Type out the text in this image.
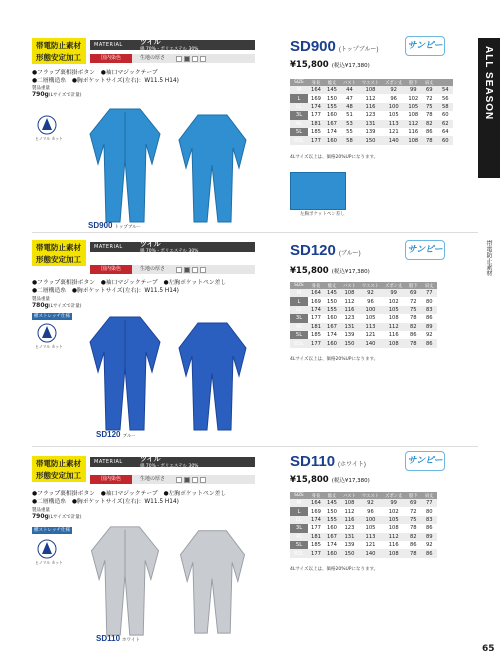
ALL SEASON
帯電防止素材
65
帯電防止素材
形態安定加工
MATERIAL ツイル
綿 70%・ポリエステル 30%
国内染色	生地の厚さ
●フラップ裏相掛ボタン　●袖口マジックテープ
●二層構造糸　●胸ポケットサイズ(左右)：W11.5 H14)
製品重量
790g(Lサイズで計量)
ヒノマル カット
SD900 トップブルー
SD900 (トップブルー)	サンピー
¥15,800 (税込¥17,380)
SIZE	身長	総丈	バスト	ウエスト	ズボン丈	股下	肩丈	
M	164	145	44	108	92	99	69	54
L	169	150	47	112	96	102	72	56
LL	174	155	48	116	100	105	75	58
3L	177	160	51	123	105	108	78	60
4L	181	167	53	131	113	112	82	62
5L	185	174	55	139	121	116	86	64
B3L	177	160	58	150	140	108	78	60
4Lサイズ以上は、価格20%UPになります。
左胸ポケットペン差し
帯電防止素材
形態安定加工
MATERIAL ツイル
綿 70%・ポリエステル 30%
国内染色	生地の厚さ
●フラップ裏相掛ボタン　●袖口マジックテープ　●左胸ポケットペン差し
●二層構造糸　●胸ポケットサイズ(左右)：W11.5 H14)
製品重量
780g(Lサイズで計量)
横ストレッチ仕様
ヒノマル カット
SD120 ブルー
SD120 (ブルー)	サンピー
¥15,800 (税込¥17,380)
SIZE	身長	総丈	バスト	ウエスト	ズボン丈	股下	肩丈
M	164	145	108	92	99	69	77
L	169	150	112	96	102	72	80
LL	174	155	116	100	105	75	83
3L	177	160	123	105	108	78	86
4L	181	167	131	113	112	82	89
5L	185	174	139	121	116	86	92
B3L	177	160	150	140	108	78	86
4Lサイズ以上は、価格20%UPになります。
帯電防止素材
形態安定加工
MATERIAL ツイル
綿 70%・ポリエステル 30%
国内染色	生地の厚さ
●フラップ裏相掛ボタン　●袖口マジックテープ　●左胸ポケットペン差し
●二層構造糸　●胸ポケットサイズ(左右)：W11.5 H14)
製品重量
790g(Lサイズで計量)
横ストレッチ仕様
ヒノマル カット
SD110 ホワイト
SD110 (ホワイト)	サンピー
¥15,800 (税込¥17,380)
SIZE	身長	総丈	バスト	ウエスト	ズボン丈	股下	肩丈
M	164	145	108	92	99	69	77
L	169	150	112	96	102	72	80
LL	174	155	116	100	105	75	83
3L	177	160	123	105	108	78	86
4L	181	167	131	113	112	82	89
5L	185	174	139	121	116	86	92
B3L	177	160	150	140	108	78	86
4Lサイズ以上は、価格20%UPになります。
